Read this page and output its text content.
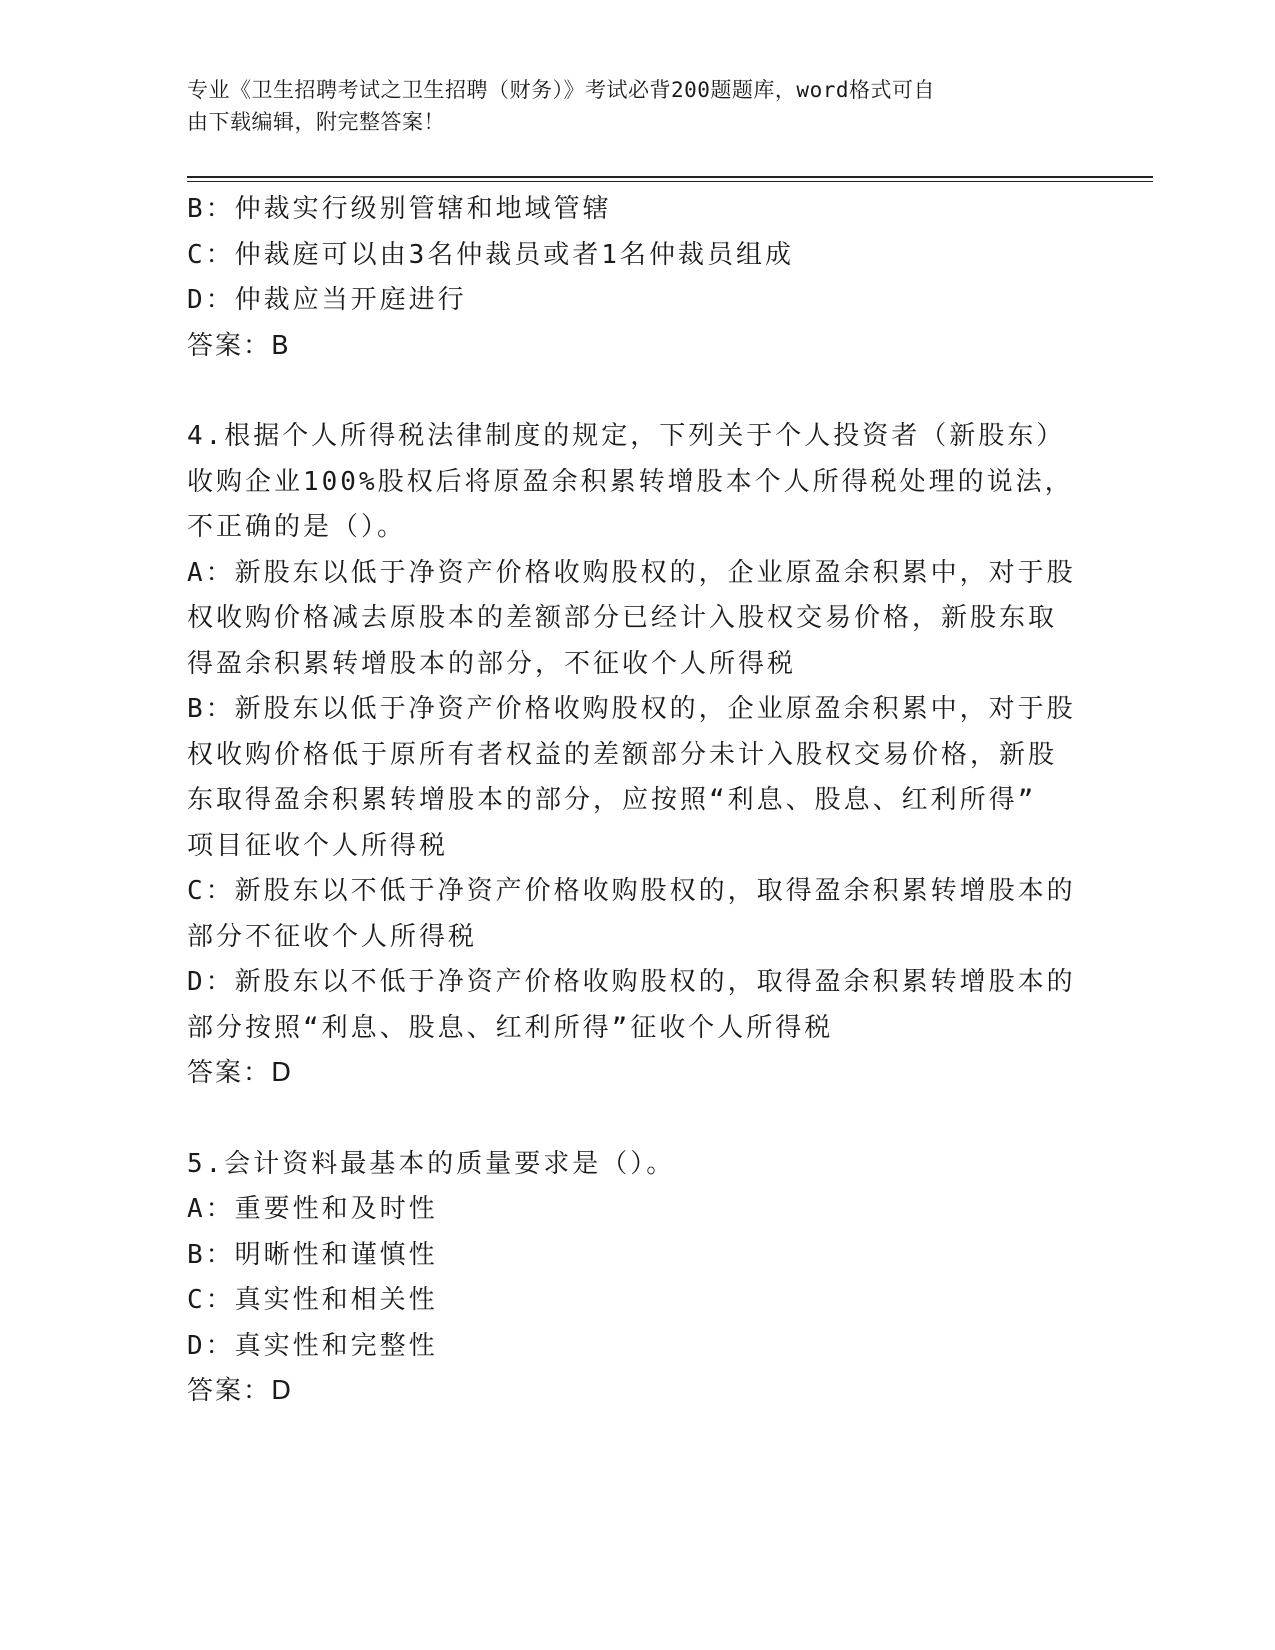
专业《卫生招聘考试之卫生招聘（财务）》考试必背200题题库，word格式可自
由下载编辑，附完整答案！
B：仲裁实行级别管辖和地域管辖
C：仲裁庭可以由3名仲裁员或者1名仲裁员组成
D：仲裁应当开庭进行
答案：B
4.根据个人所得税法律制度的规定，下列关于个人投资者（新股东）
收购企业100%股权后将原盈余积累转增股本个人所得税处理的说法，
不正确的是（）。
A：新股东以低于净资产价格收购股权的，企业原盈余积累中，对于股
权收购价格减去原股本的差额部分已经计入股权交易价格，新股东取
得盈余积累转增股本的部分，不征收个人所得税
B：新股东以低于净资产价格收购股权的，企业原盈余积累中，对于股
权收购价格低于原所有者权益的差额部分未计入股权交易价格，新股
东取得盈余积累转增股本的部分，应按照“利息、股息、红利所得”
项目征收个人所得税
C：新股东以不低于净资产价格收购股权的，取得盈余积累转增股本的
部分不征收个人所得税
D：新股东以不低于净资产价格收购股权的，取得盈余积累转增股本的
部分按照“利息、股息、红利所得”征收个人所得税
答案：D
5.会计资料最基本的质量要求是（）。
A：重要性和及时性
B：明晰性和谨慎性
C：真实性和相关性
D：真实性和完整性
答案：D
